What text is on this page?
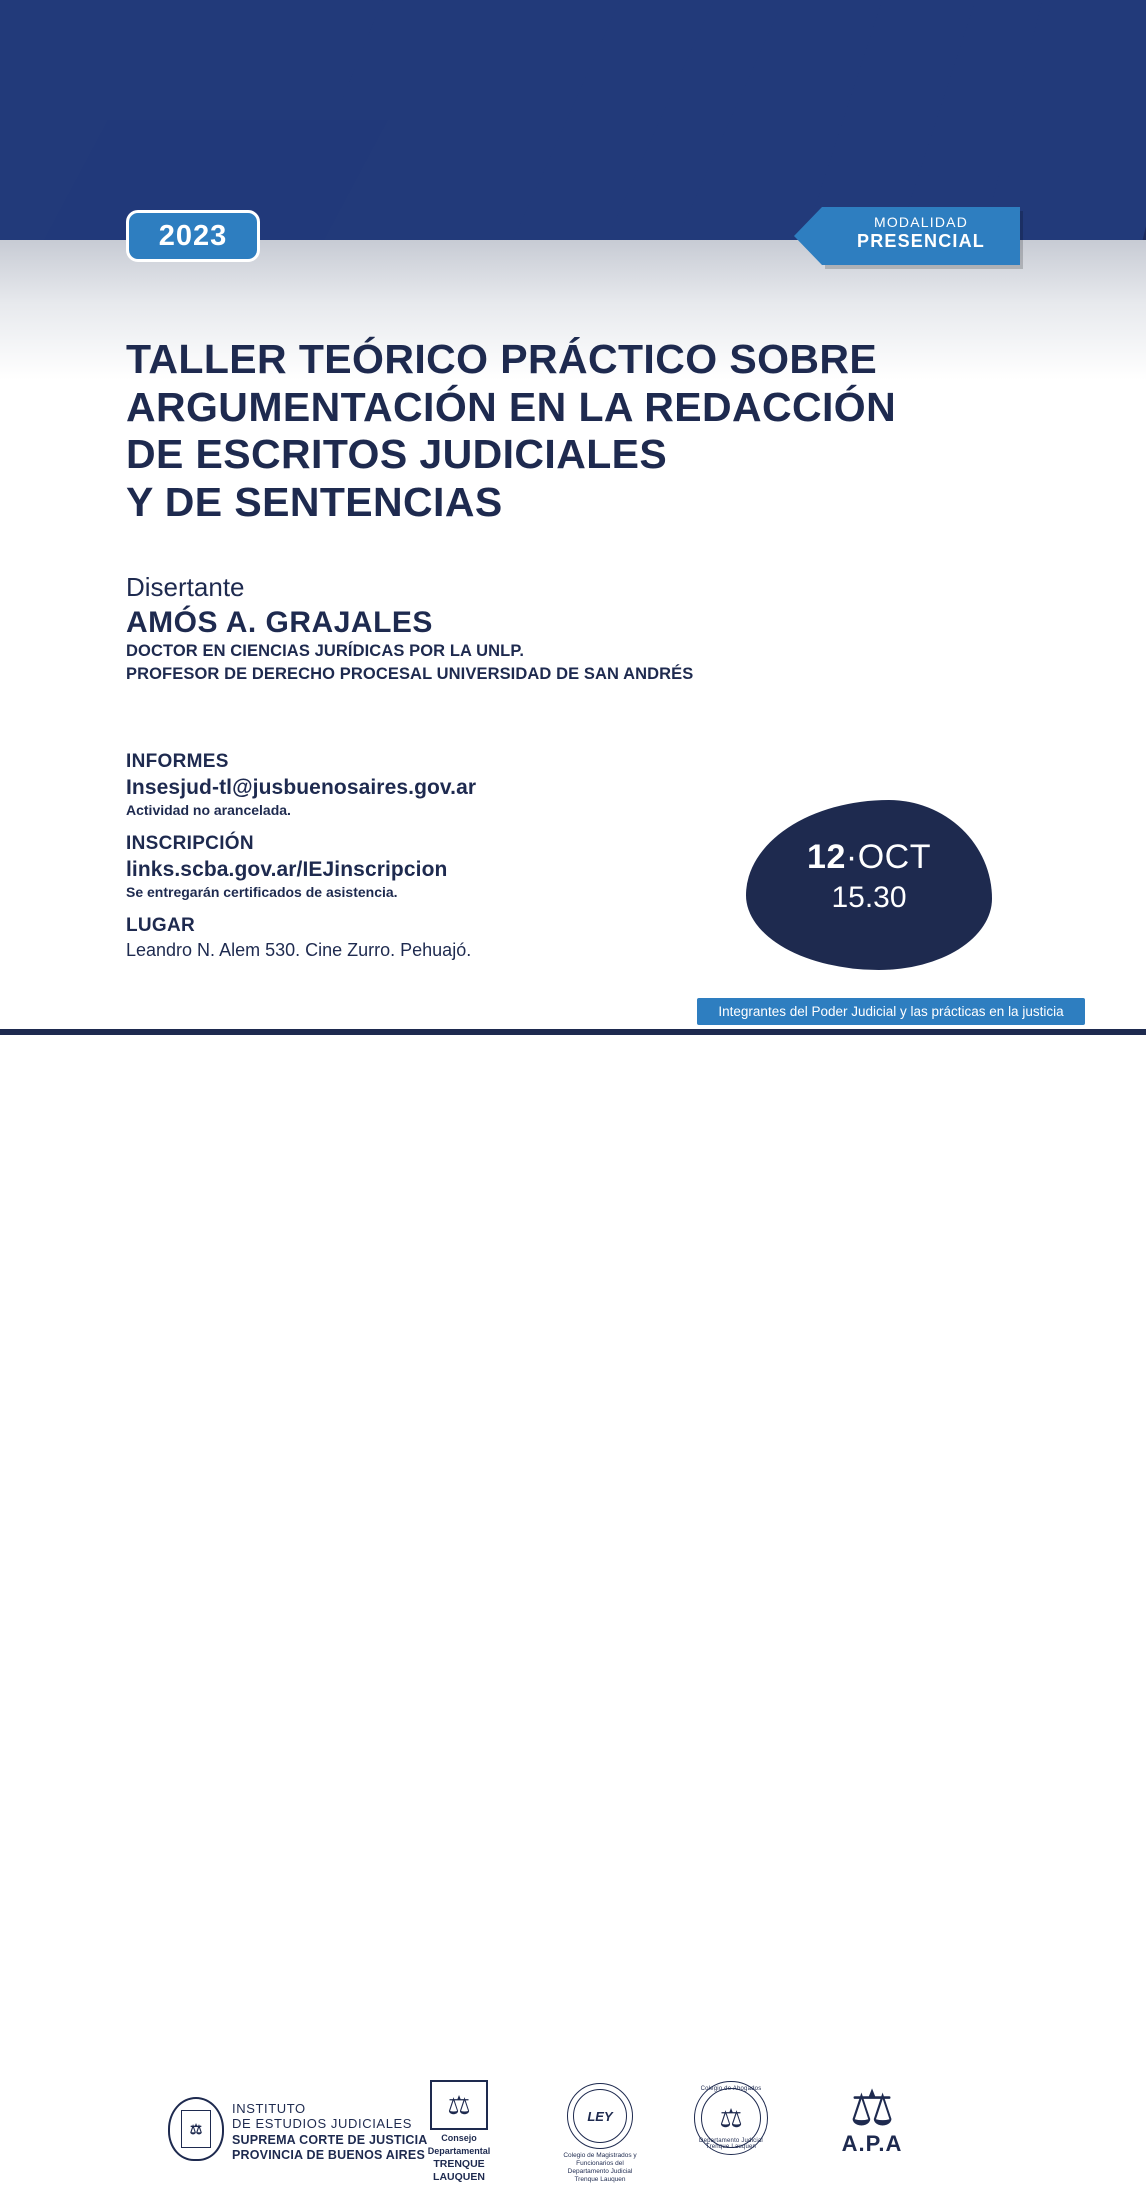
2023	MODALIDAD
PRESENCIAL
TALLER TEÓRICO PRÁCTICO SOBRE
ARGUMENTACIÓN EN LA REDACCIÓN
DE ESCRITOS JUDICIALES
Y DE SENTENCIAS
Disertante
AMÓS A. GRAJALES
DOCTOR EN CIENCIAS JURÍDICAS POR LA UNLP.
PROFESOR DE DERECHO PROCESAL UNIVERSIDAD DE SAN ANDRÉS
INFORMES
Insesjud-tl@jusbuenosaires.gov.ar
Actividad no arancelada.
INSCRIPCIÓN
links.scba.gov.ar/IEJinscripcion
Se entregarán certificados de asistencia.
LUGAR
Leandro N. Alem 530. Cine Zurro. Pehuajó.
12·OCT
15.30
Integrantes del Poder Judicial y las prácticas en la justicia
⚖
INSTITUTO
DE ESTUDIOS JUDICIALES
SUPREMA CORTE DE JUSTICIA
PROVINCIA DE BUENOS AIRES
⚖
Consejo
Departamental
TRENQUE
LAUQUEN
LEY
Colegio de Magistrados y Funcionarios del Departamento Judicial Trenque Lauquen
Colegio de Abogados
⚖
Departamento Judicial Trenque Lauquen
⚖
A.P.A
